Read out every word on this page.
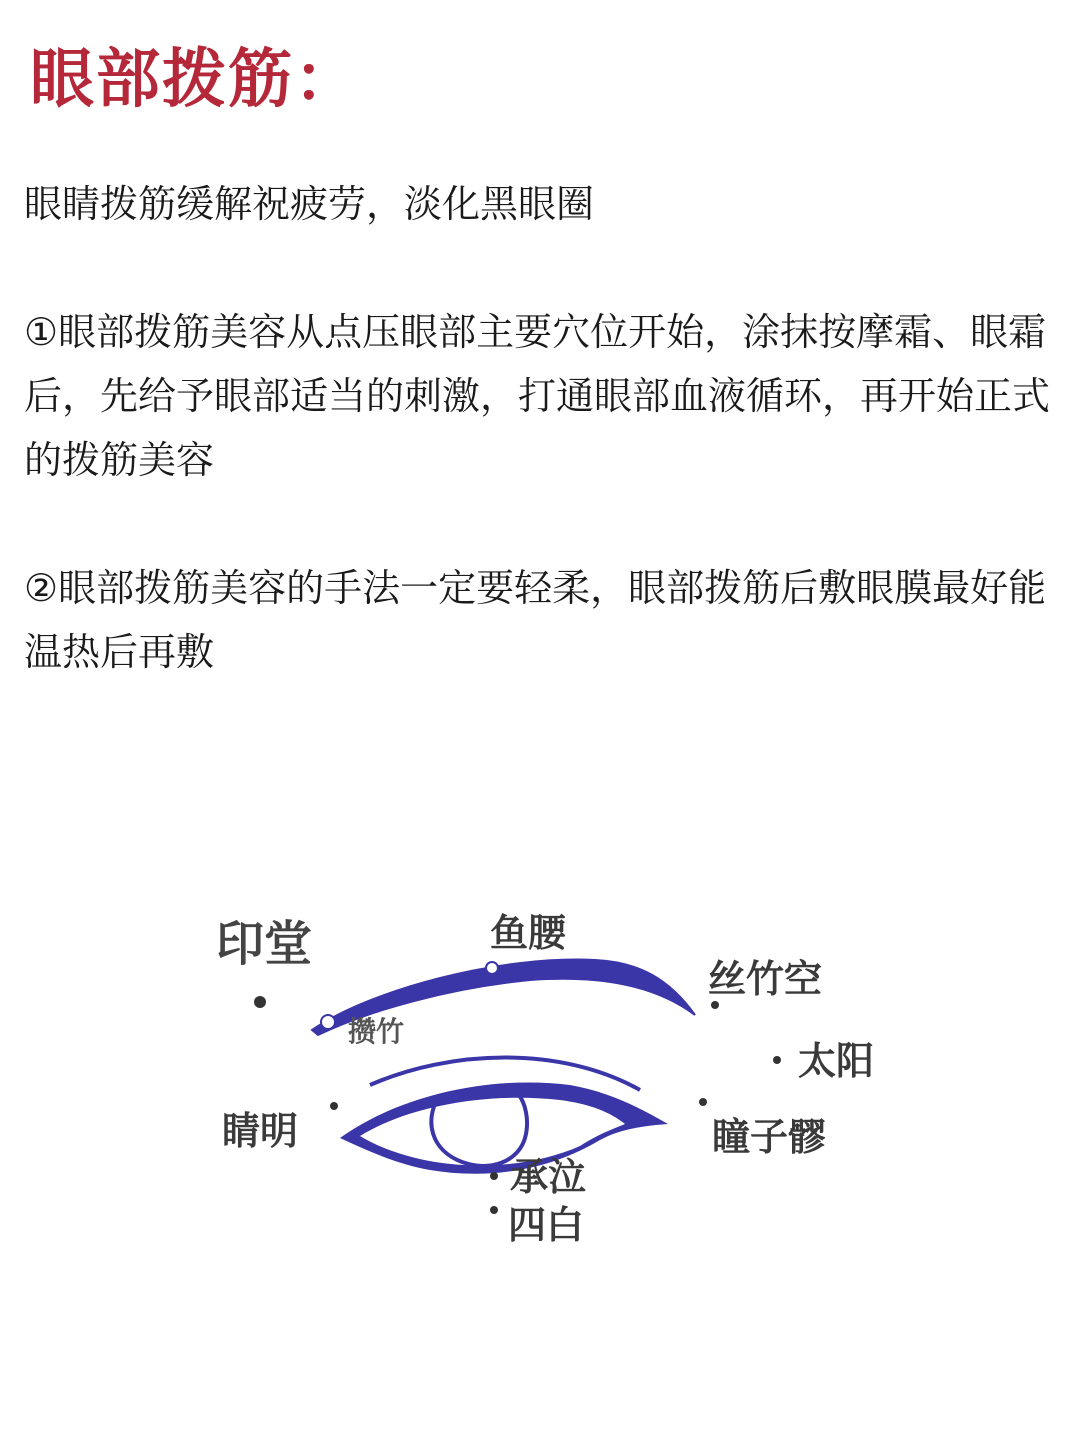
眼部拨筋：
眼睛拨筋缓解祝疲劳，淡化黑眼圈
①眼部拨筋美容从点压眼部主要穴位开始，涂抹按摩霜、眼霜后，先给予眼部适当的刺激，打通眼部血液循环，再开始正式的拨筋美容
②眼部拨筋美容的手法一定要轻柔，眼部拨筋后敷眼膜最好能温热后再敷
印堂	鱼腰
丝竹空
攒竹
太阳
睛明	瞳子髎
承泣
四白
